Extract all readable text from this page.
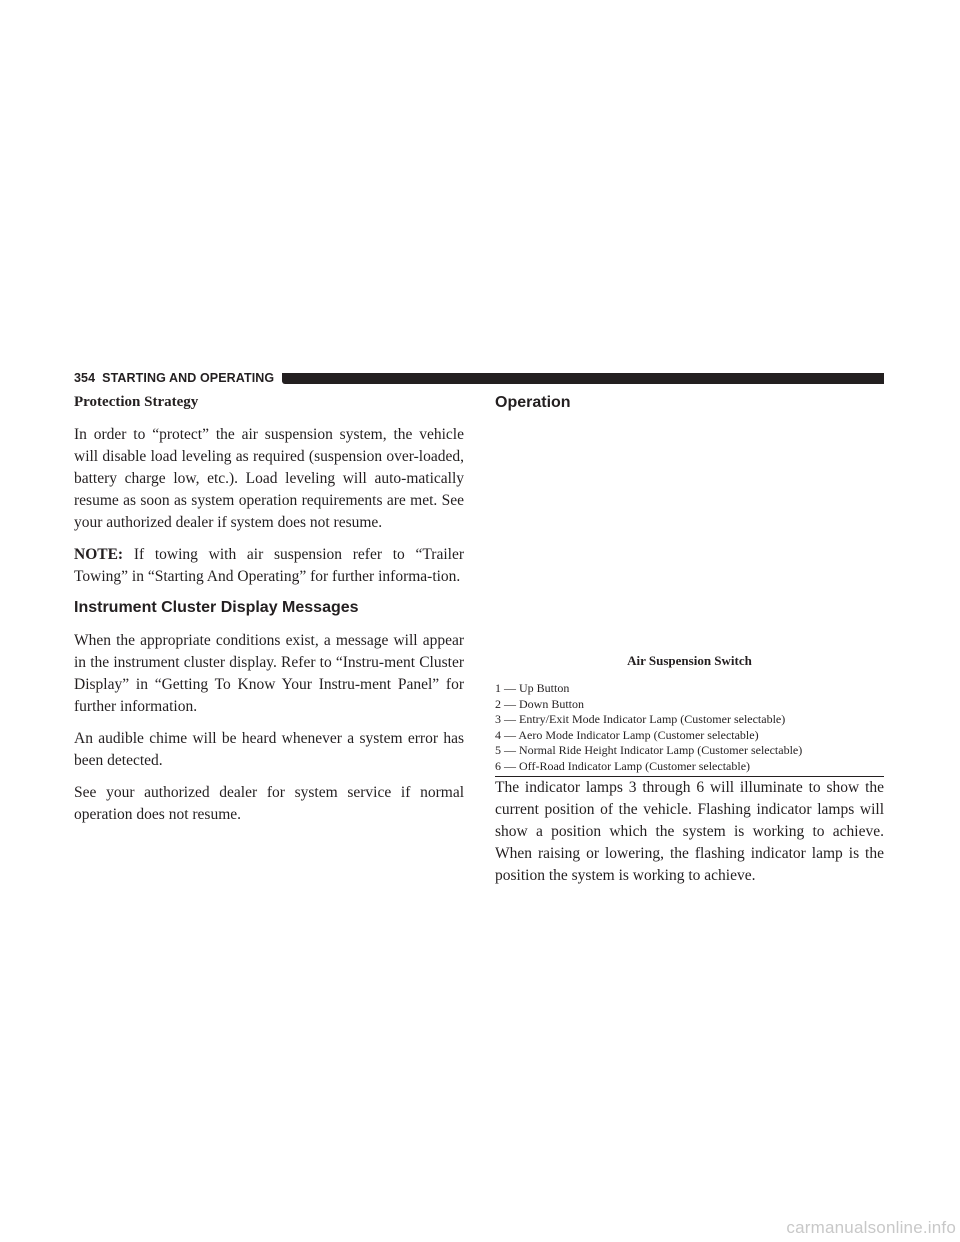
354 STARTING AND OPERATING
Protection Strategy

In order to “protect” the air suspension system, the vehicle will disable load leveling as required (suspension over-loaded, battery charge low, etc.). Load leveling will auto-matically resume as soon as system operation requirements are met. See your authorized dealer if system does not resume.

NOTE: If towing with air suspension refer to “Trailer Towing” in “Starting And Operating” for further informa-tion.

Instrument Cluster Display Messages

When the appropriate conditions exist, a message will appear in the instrument cluster display. Refer to “Instru-ment Cluster Display” in “Getting To Know Your Instru-ment Panel” for further information.

An audible chime will be heard whenever a system error has been detected.

See your authorized dealer for system service if normal operation does not resume.

Operation
Air Suspension Switch
1 — Up Button
2 — Down Button
3 — Entry/Exit Mode Indicator Lamp (Customer selectable)
4 — Aero Mode Indicator Lamp (Customer selectable)
5 — Normal Ride Height Indicator Lamp (Customer selectable)
6 — Off-Road Indicator Lamp (Customer selectable)

The indicator lamps 3 through 6 will illuminate to show the current position of the vehicle. Flashing indicator lamps will show a position which the system is working to achieve. When raising or lowering, the flashing indicator lamp is the position the system is working to achieve.

carmanualsonline.info
